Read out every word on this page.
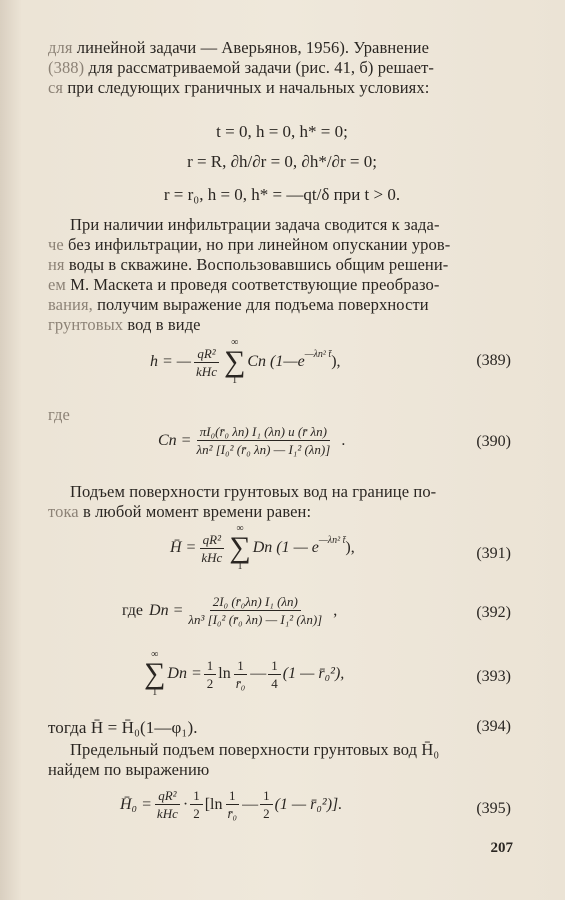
для линейной задачи — Аверьянов, 1956). Уравнение
(388) для рассматриваемой задачи (рис. 41, б) решает-
ся при следующих граничных и начальных условиях:
t = 0, h = 0, h* = 0;
r = R, ∂h/∂r = 0, ∂h*/∂r = 0;
r = r₀, h = 0, h* = —qt/δ при t > 0.
При наличии инфильтрации задача сводится к зада-
че без инфильтрации, но при линейном опускании уров-
ня воды в скважине. Воспользовавшись общим решени-
ем М. Маскета и проведя соответствующие преобразо-
вания, получим выражение для подъема поверхности
грунтовых вод в виде
h = — $\frac{\text{qR²}}{\text{kHc}}$
∞
∑
1
Cn (1—e $^{—\lambda n^2 t̄}$ ),	(389)
где
$Cn = \frac{\text{πI₀(r̄₀ λn) I₁ (λn) u (r̄ λn)}}{\text{λn² [I₀² (r̄₀ λn) — I₁² (λn)]}}$ .	(390)
Подъем поверхности грунтовых вод на границе по-
тока в любой момент времени равен:
H̄ = $\frac{\text{qR²}}{\text{kHc}}$
∞
∑
1
Dn (1 — e $^{—\lambda n^2 t̄}$ ),	(391)
где $Dn = \frac{\text{2I₀ (r̄₀λn) I₁ (λn)}}{\text{λn³ [I₀² (r̄₀ λn) — I₁² (λn)]}}$ ,	(392)
∞
∑
1
$Dn = \frac{1}{2}$ $\ln \frac{1}{\text{r̄₀}}$ — $\frac{1}{4} (1$ — r̄₀²),	(393)
тогда H̄ = H̄₀(1—φ₁).	(394)
Предельный подъем поверхности грунтовых вод H̄₀
найдем по выражению
H̄₀ = $\frac{\text{qR²}}{\text{kHc}} \cdot \frac{1}{2} [\ln \frac{1}{\text{r̄₀}}$ — $\frac{1}{2} (1$ — r̄₀²)].	(395)
207
